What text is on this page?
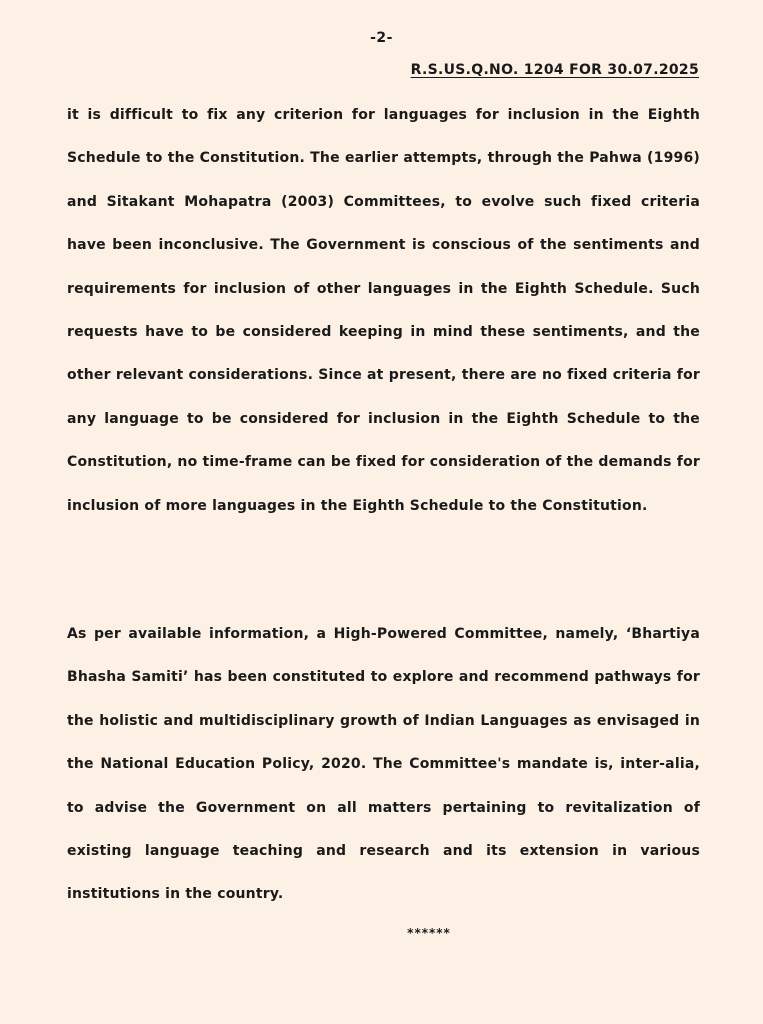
-2-
R.S.US.Q.NO. 1204 FOR 30.07.2025

it is difficult to fix any criterion for languages for inclusion in the Eighth Schedule to the Constitution. The earlier attempts, through the Pahwa (1996) and Sitakant Mohapatra (2003) Committees, to evolve such fixed criteria have been inconclusive. The Government is conscious of the sentiments and requirements for inclusion of other languages in the Eighth Schedule. Such requests have to be considered keeping in mind these sentiments, and the other relevant considerations. Since at present, there are no fixed criteria for any language to be considered for inclusion in the Eighth Schedule to the Constitution, no time-frame can be fixed for consideration of the demands for inclusion of more languages in the Eighth Schedule to the Constitution.

As per available information, a High-Powered Committee, namely, ‘Bhartiya Bhasha Samiti’ has been constituted to explore and recommend pathways for the holistic and multidisciplinary growth of Indian Languages as envisaged in the National Education Policy, 2020. The Committee's mandate is, inter-alia, to advise the Government on all matters pertaining to revitalization of existing language teaching and research and its extension in various institutions in the country.

******
